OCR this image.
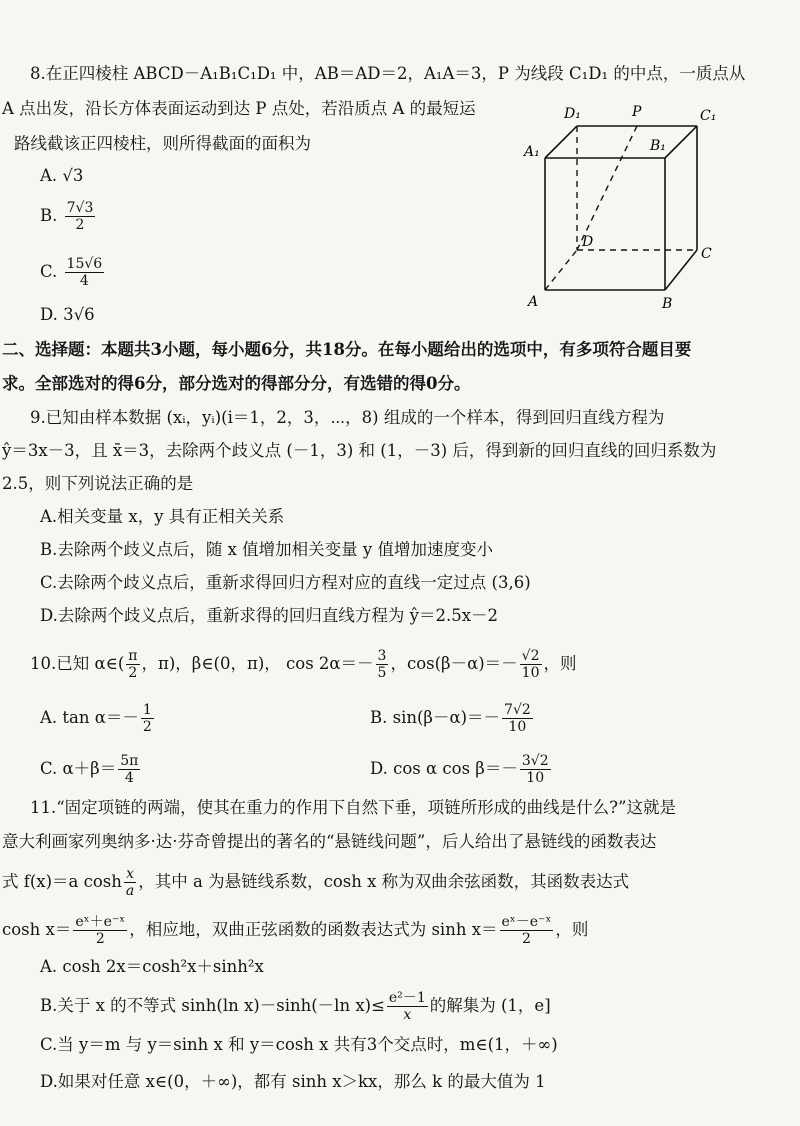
8.在正四棱柱 ABCD－A₁B₁C₁D₁ 中，AB＝AD＝2，A₁A＝3，P 为线段 C₁D₁ 的中点，一质点从
A 点出发，沿长方体表面运动到达 P 点处，若沿质点 A 的最短运
路线截该正四棱柱，则所得截面的面积为
A. √3
B. $\frac{7√3}{2}$
C. $\frac{15√6}{4}$
D. 3√6
D₁	P	C₁
A₁	B₁
D
C
A	B
二、选择题：本题共3小题，每小题6分，共18分。在每小题给出的选项中，有多项符合题目要
求。全部选对的得6分，部分选对的得部分分，有选错的得0分。
9.已知由样本数据 (xᵢ，yᵢ)(i＝1，2，3，⋯，8) 组成的一个样本，得到回归直线方程为
ŷ＝3x－3，且 x̄＝3，去除两个歧义点 (－1，3) 和 (1，－3) 后，得到新的回归直线的回归系数为
2.5，则下列说法正确的是
A.相关变量 x，y 具有正相关关系
B.去除两个歧义点后，随 x 值增加相关变量 y 值增加速度变小
C.去除两个歧义点后，重新求得回归方程对应的直线一定过点 (3,6)
D.去除两个歧义点后，重新求得的回归直线方程为 ŷ＝2.5x－2
10.已知 α∈( $\frac{\pi}{2}$ ，π)，β∈(0，π)， $\cos 2\alpha=- \frac{3}{5}$ ，$\cos(\beta-\alpha)=- \frac{√2}{10}$ ，则
A. $\tan \alpha=- \frac{1}{2}$	B. $\sin(\beta-\alpha)=- \frac{7√2}{10}$
C. $\alpha+\beta= \frac{5\pi}{4}$	D. cos α $\cos \beta=- \frac{3√2}{10}$
11.“固定项链的两端，使其在重力的作用下自然下垂，项链所形成的曲线是什么?”这就是
意大利画家列奥纳多·达·芬奇曾提出的著名的“悬链线问题”，后人给出了悬链线的函数表达
式 f(x)＝a $\cosh \frac{x}{a}$ ，其中 a 为悬链线系数，cosh x 称为双曲余弦函数，其函数表达式
$\cosh x= \frac{\text{eˣ＋e⁻ˣ}}{2}$ ，相应地，双曲正弦函数的函数表达式为 $\sinh x= \frac{\text{eˣ－e⁻ˣ}}{2}$ ，则
A. cosh 2x＝cosh²x＋sinh²x
B.关于 x 的不等式 sinh(ln x)－sinh(－ln $x)\le \frac{\text{e²－1}}{x}$ 的解集为 (1，e]
C.当 y＝m 与 y＝sinh x 和 y＝cosh x 共有3个交点时，m∈(1，＋∞)
D.如果对任意 x∈(0，＋∞)，都有 sinh x＞kx，那么 k 的最大值为 1
